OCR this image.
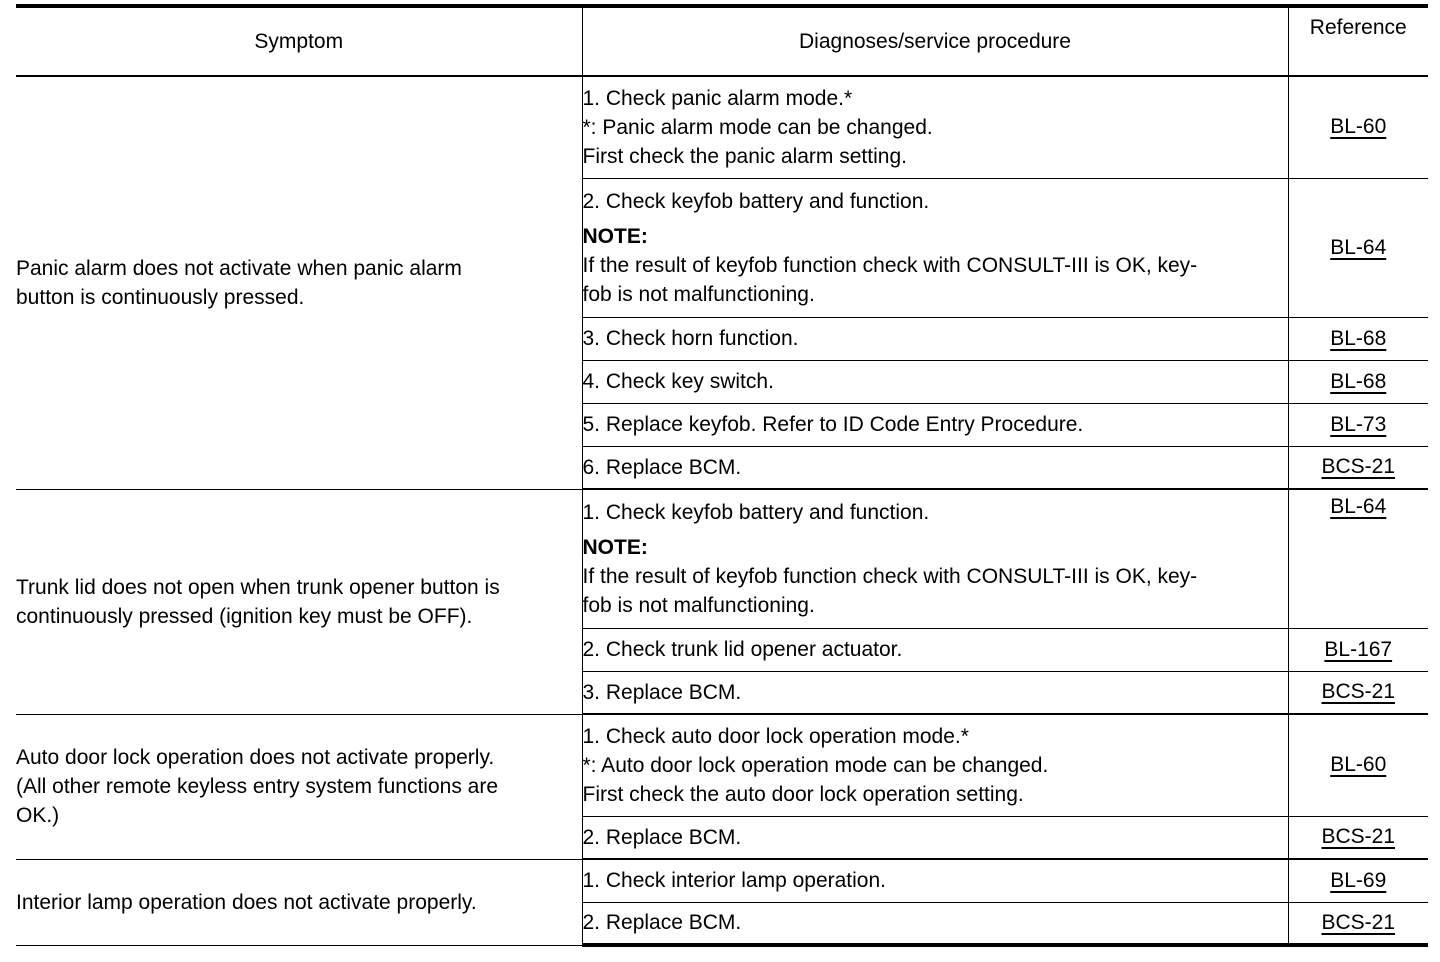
Symptom	Diagnoses/service procedure	Reference

Panic alarm does not activate when panic alarm
button is continuously pressed.	1. Check panic alarm mode.*
*: Panic alarm mode can be changed.
First check the panic alarm setting.	BL-60

	2. Check keyfob battery and function.
NOTE:
If the result of keyfob function check with CONSULT-III is OK, key-
fob is not malfunctioning.	BL-64

	3. Check horn function.	BL-68

	4. Check key switch.	BL-68

	5. Replace keyfob. Refer to ID Code Entry Procedure.	BL-73

	6. Replace BCM.	BCS-21

Trunk lid does not open when trunk opener button is
continuously pressed (ignition key must be OFF).	1. Check keyfob battery and function.
NOTE:
If the result of keyfob function check with CONSULT-III is OK, key-
fob is not malfunctioning.	BL-64

	2. Check trunk lid opener actuator.	BL-167

	3. Replace BCM.	BCS-21

Auto door lock operation does not activate properly.
(All other remote keyless entry system functions are
OK.)	1. Check auto door lock operation mode.*
*: Auto door lock operation mode can be changed.
First check the auto door lock operation setting.	BL-60

	2. Replace BCM.	BCS-21

Interior lamp operation does not activate properly.	1. Check interior lamp operation.	BL-69

	2. Replace BCM.	BCS-21
